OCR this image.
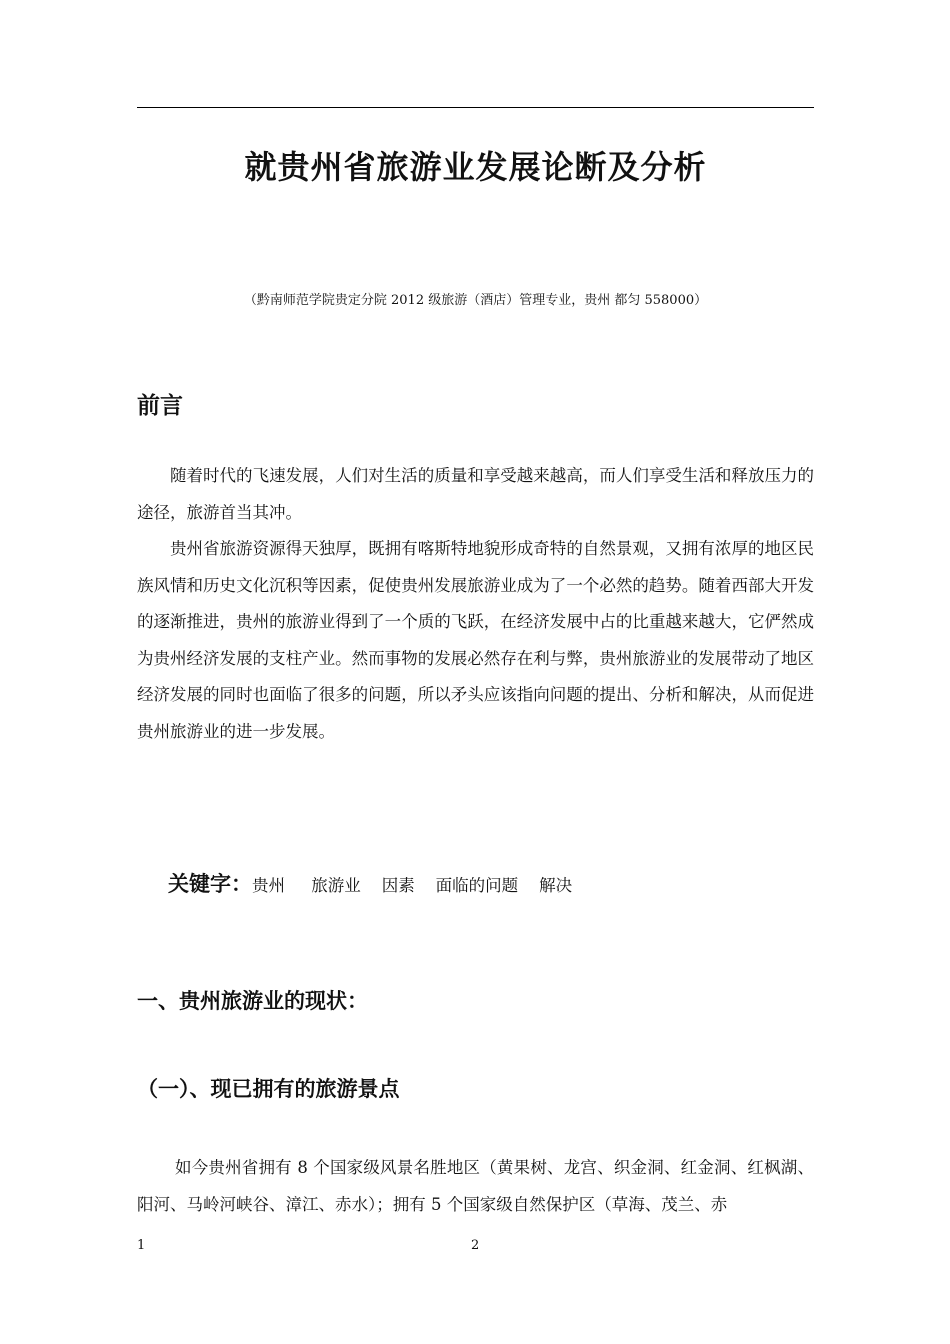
就贵州省旅游业发展论断及分析
（黔南师范学院贵定分院 2012 级旅游（酒店）管理专业，贵州 都匀 558000）
前言
随着时代的飞速发展，人们对生活的质量和享受越来越高，而人们享受生活和释放压力的途径，旅游首当其冲。
贵州省旅游资源得天独厚，既拥有喀斯特地貌形成奇特的自然景观，又拥有浓厚的地区民族风情和历史文化沉积等因素，促使贵州发展旅游业成为了一个必然的趋势。随着西部大开发的逐渐推进，贵州的旅游业得到了一个质的飞跃，在经济发展中占的比重越来越大，它俨然成为贵州经济发展的支柱产业。然而事物的发展必然存在利与弊，贵州旅游业的发展带动了地区经济发展的同时也面临了很多的问题，所以矛头应该指向问题的提出、分析和解决，从而促进贵州旅游业的进一步发展。
关键字：贵州     旅游业    因素    面临的问题    解决
一、贵州旅游业的现状：
（一）、现已拥有的旅游景点
如今贵州省拥有 8 个国家级风景名胜地区（黄果树、龙宫、织金洞、红金洞、红枫湖、阳河、马岭河峡谷、漳江、赤水）；拥有 5 个国家级自然保护区（草海、茂兰、赤
1	2
